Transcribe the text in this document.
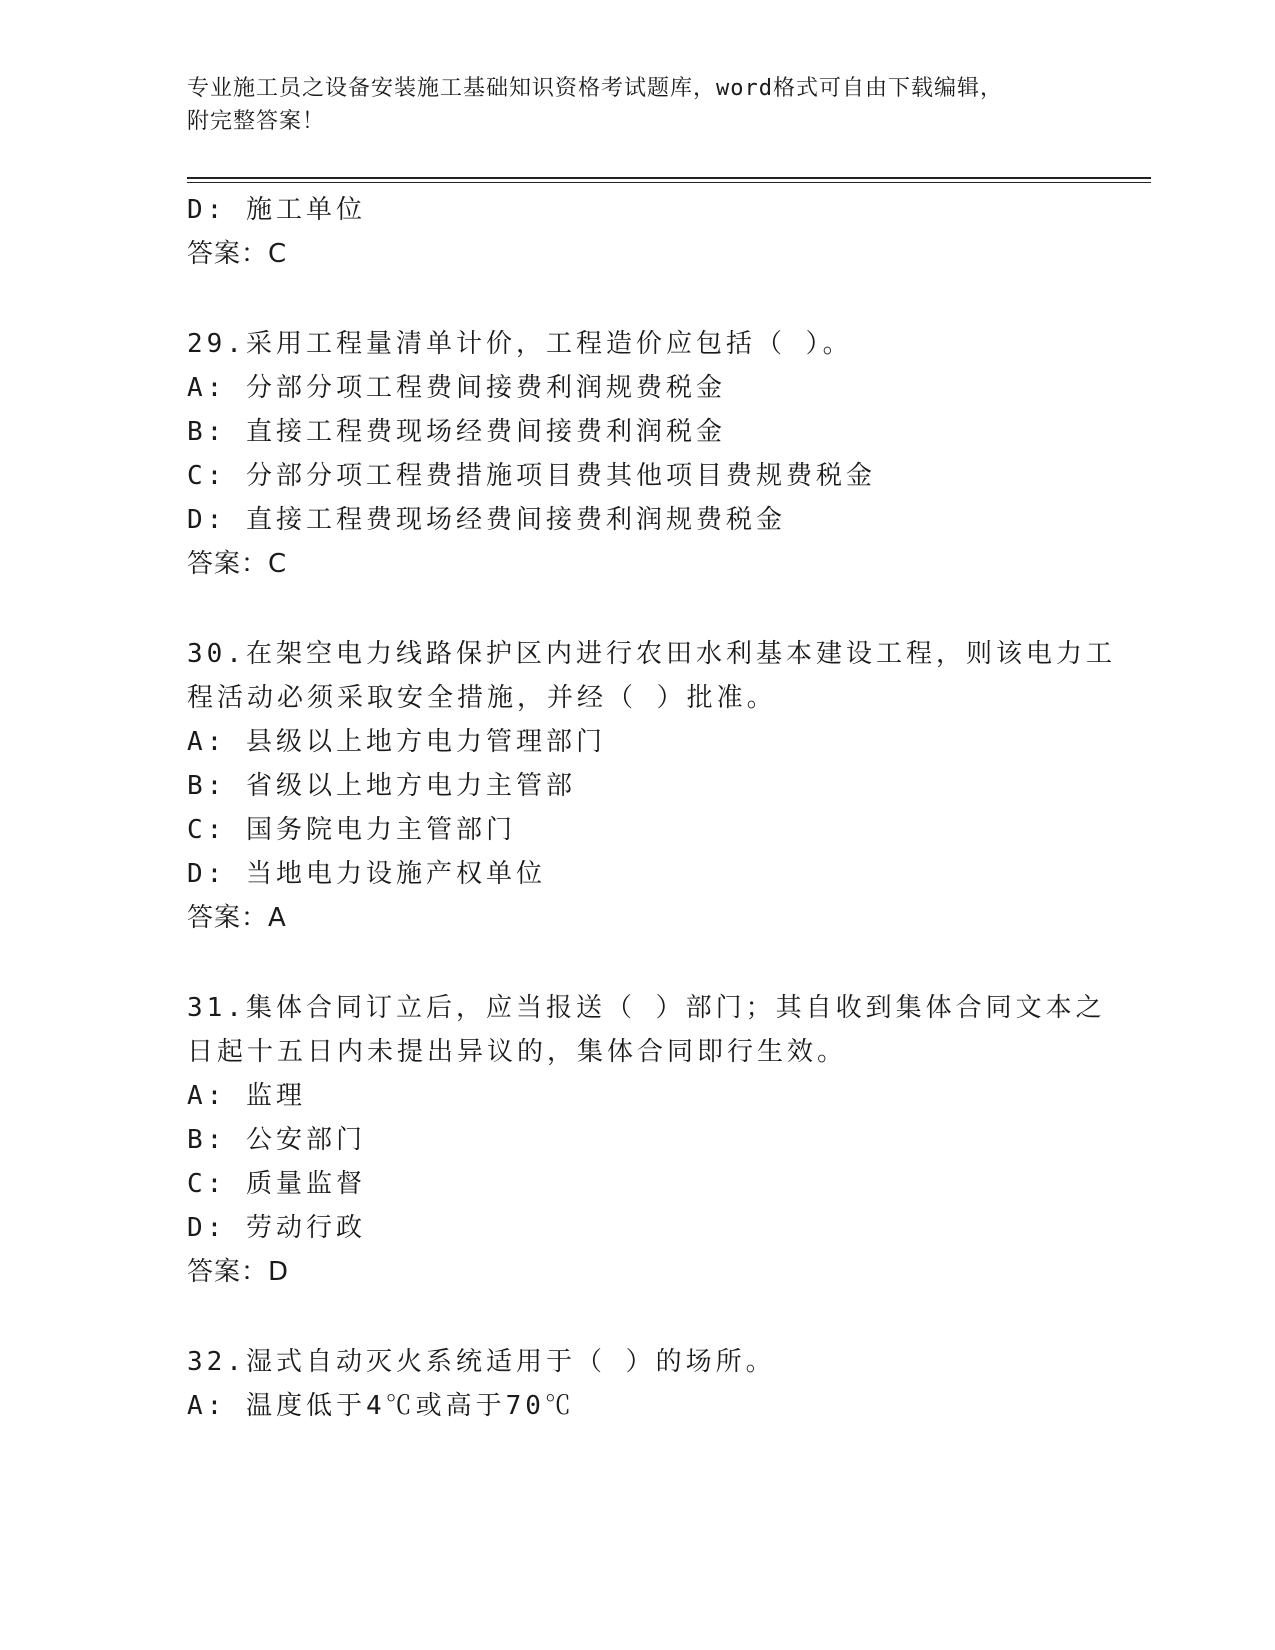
专业施工员之设备安装施工基础知识资格考试题库，word格式可自由下载编辑，
附完整答案！
D: 施工单位
答案：C
29.采用工程量清单计价，工程造价应包括（ ）。
A: 分部分项工程费间接费利润规费税金
B: 直接工程费现场经费间接费利润税金
C: 分部分项工程费措施项目费其他项目费规费税金
D: 直接工程费现场经费间接费利润规费税金
答案：C
30.在架空电力线路保护区内进行农田水利基本建设工程，则该电力工
程活动必须采取安全措施，并经（ ）批准。
A: 县级以上地方电力管理部门
B: 省级以上地方电力主管部
C: 国务院电力主管部门
D: 当地电力设施产权单位
答案：A
31.集体合同订立后，应当报送（ ）部门；其自收到集体合同文本之
日起十五日内未提出异议的，集体合同即行生效。
A: 监理
B: 公安部门
C: 质量监督
D: 劳动行政
答案：D
32.湿式自动灭火系统适用于（ ）的场所。
A: 温度低于4℃或高于70℃
